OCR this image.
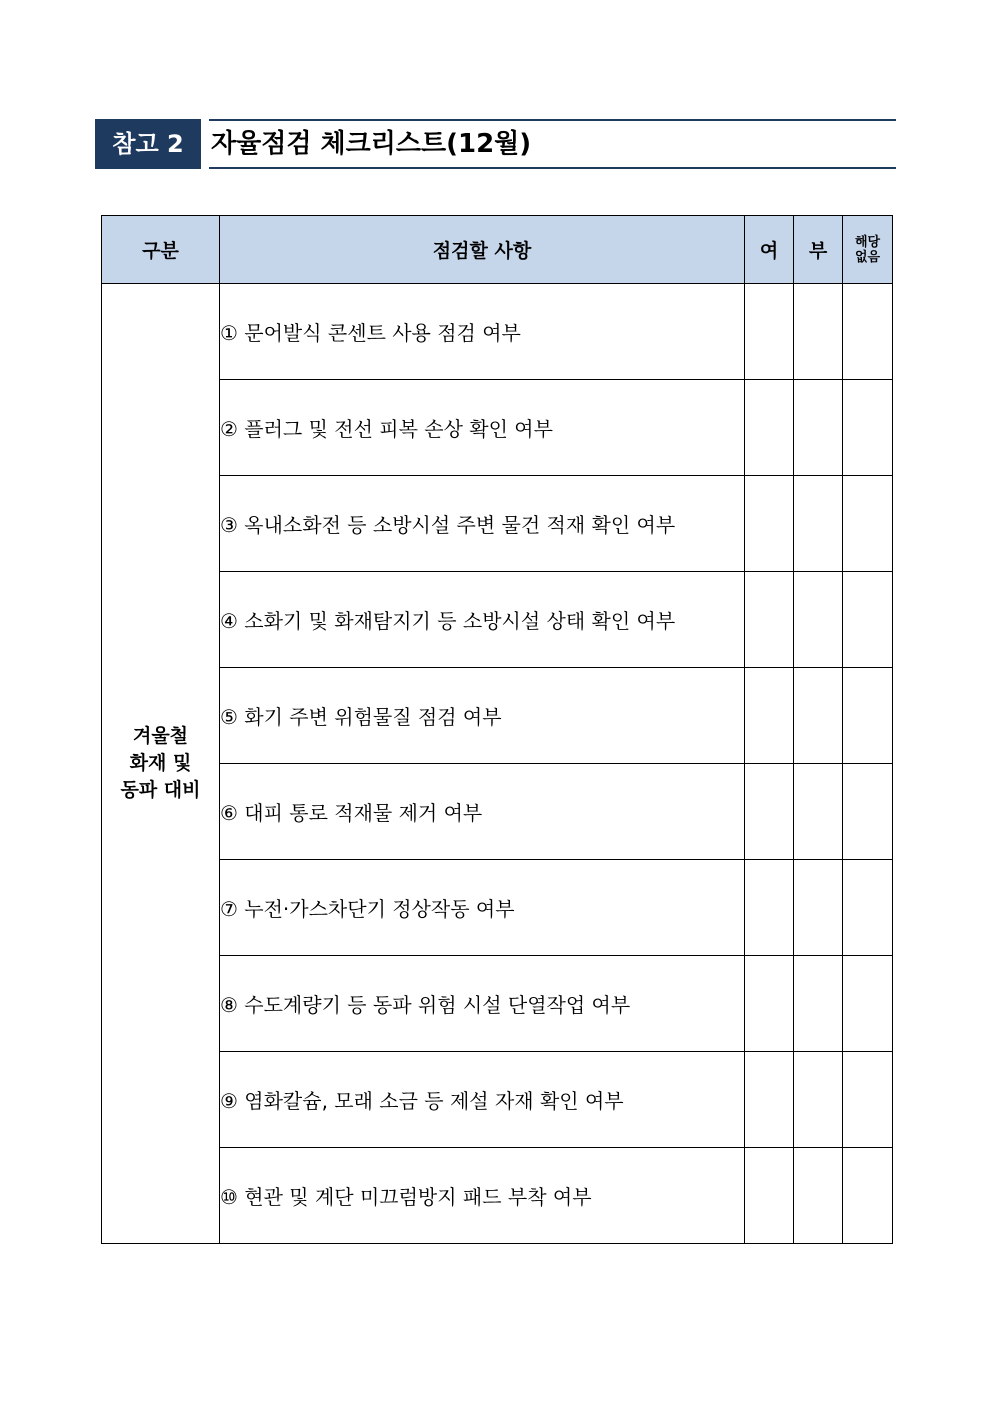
참고 2	자율점검 체크리스트(12월)
구분	점검할 사항	여	부	해당
없음
겨울철
화재 및
동파 대비	① 문어발식 콘센트 사용 점검 여부			
	② 플러그 및 전선 피복 손상 확인 여부			
	③ 옥내소화전 등 소방시설 주변 물건 적재 확인 여부			
	④ 소화기 및 화재탐지기 등 소방시설 상태 확인 여부			
	⑤ 화기 주변 위험물질 점검 여부			
	⑥ 대피 통로 적재물 제거 여부			
	⑦ 누전·가스차단기 정상작동 여부			
	⑧ 수도계량기 등 동파 위험 시설 단열작업 여부			
	⑨ 염화칼슘, 모래 소금 등 제설 자재 확인 여부			
	⑩ 현관 및 계단 미끄럼방지 패드 부착 여부			
